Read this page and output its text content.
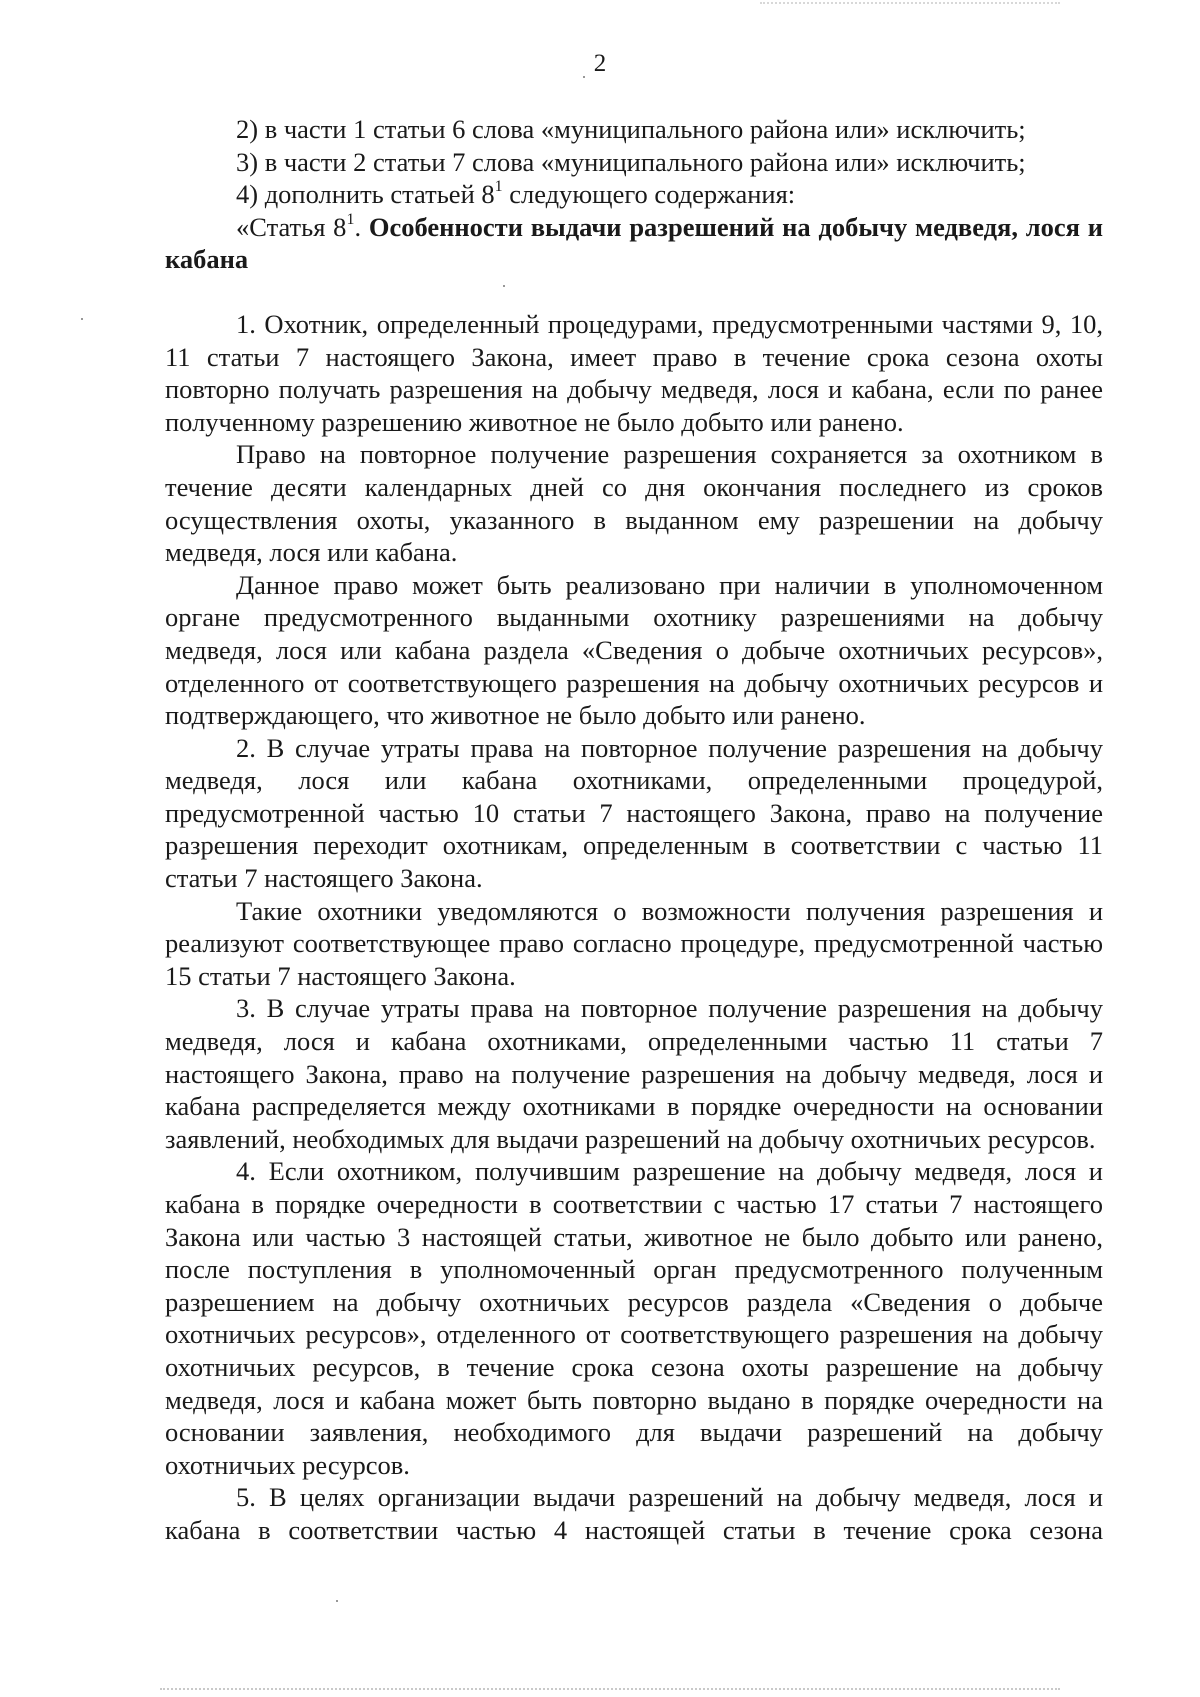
2

2) в части 1 статьи 6 слова «муниципального района или» исключить;

3) в части 2 статьи 7 слова «муниципального района или» исключить;

4) дополнить статьей $8^1$ следующего содержания:

«Статья $8^1$. Особенности выдачи разрешений на добычу медведя, лося и кабана

1. Охотник, определенный процедурами, предусмотренными частями 9, 10, 11 статьи 7 настоящего Закона, имеет право в течение срока сезона охоты повторно получать разрешения на добычу медведя, лося и кабана, если по ранее полученному разрешению животное не было добыто или ранено.

Право на повторное получение разрешения сохраняется за охотником в течение десяти календарных дней со дня окончания последнего из сроков осуществления охоты, указанного в выданном ему разрешении на добычу медведя, лося или кабана.

Данное право может быть реализовано при наличии в уполномоченном органе предусмотренного выданными охотнику разрешениями на добычу медведя, лося или кабана раздела «Сведения о добыче охотничьих ресурсов», отделенного от соответствующего разрешения на добычу охотничьих ресурсов и подтверждающего, что животное не было добыто или ранено.

2. В случае утраты права на повторное получение разрешения на добычу медведя, лося или кабана охотниками, определенными процедурой, предусмотренной частью 10 статьи 7 настоящего Закона, право на получение разрешения переходит охотникам, определенным в соответствии с частью 11 статьи 7 настоящего Закона.

Такие охотники уведомляются о возможности получения разрешения и реализуют соответствующее право согласно процедуре, предусмотренной частью 15 статьи 7 настоящего Закона.

3. В случае утраты права на повторное получение разрешения на добычу медведя, лося и кабана охотниками, определенными частью 11 статьи 7 настоящего Закона, право на получение разрешения на добычу медведя, лося и кабана распределяется между охотниками в порядке очередности на основании заявлений, необходимых для выдачи разрешений на добычу охотничьих ресурсов.

4. Если охотником, получившим разрешение на добычу медведя, лося и кабана в порядке очередности в соответствии с частью 17 статьи 7 настоящего Закона или частью 3 настоящей статьи, животное не было добыто или ранено, после поступления в уполномоченный орган предусмотренного полученным разрешением на добычу охотничьих ресурсов раздела «Сведения о добыче охотничьих ресурсов», отделенного от соответствующего разрешения на добычу охотничьих ресурсов, в течение срока сезона охоты разрешение на добычу медведя, лося и кабана может быть повторно выдано в порядке очередности на основании заявления, необходимого для выдачи разрешений на добычу охотничьих ресурсов.

5. В целях организации выдачи разрешений на добычу медведя, лося и кабана в соответствии частью 4 настоящей статьи в течение срока сезона
